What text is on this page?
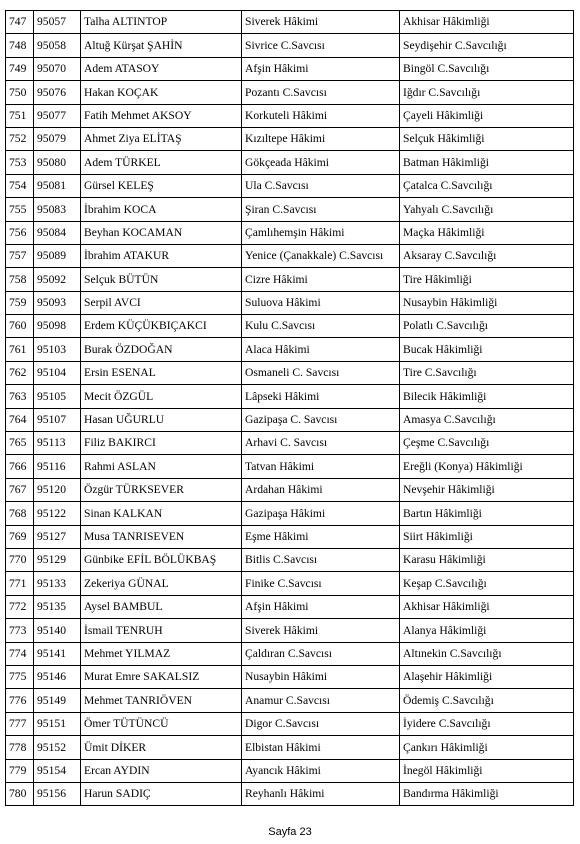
747	95057	Talha ALTINTOP	Siverek Hâkimi	Akhisar Hâkimliği
748	95058	Altuğ Kürşat ŞAHİN	Sivrice C.Savcısı	Seydişehir C.Savcılığı
749	95070	Adem ATASOY	Afşin Hâkimi	Bingöl C.Savcılığı
750	95076	Hakan KOÇAK	Pozantı C.Savcısı	Iğdır C.Savcılığı
751	95077	Fatih Mehmet AKSOY	Korkuteli Hâkimi	Çayeli Hâkimliği
752	95079	Ahmet Ziya ELİTAŞ	Kızıltepe Hâkimi	Selçuk Hâkimliği
753	95080	Adem TÜRKEL	Gökçeada Hâkimi	Batman Hâkimliği
754	95081	Gürsel KELEŞ	Ula C.Savcısı	Çatalca C.Savcılığı
755	95083	İbrahim KOCA	Şiran C.Savcısı	Yahyalı C.Savcılığı
756	95084	Beyhan KOCAMAN	Çamlıhemşin Hâkimi	Maçka Hâkimliği
757	95089	İbrahim ATAKUR	Yenice (Çanakkale) C.Savcısı	Aksaray C.Savcılığı
758	95092	Selçuk BÜTÜN	Cizre Hâkimi	Tire Hâkimliği
759	95093	Serpil AVCI	Suluova Hâkimi	Nusaybin Hâkimliği
760	95098	Erdem KÜÇÜKBIÇAKCI	Kulu C.Savcısı	Polatlı C.Savcılığı
761	95103	Burak ÖZDOĞAN	Alaca Hâkimi	Bucak Hâkimliği
762	95104	Ersin ESENAL	Osmaneli C. Savcısı	Tire C.Savcılığı
763	95105	Mecit ÖZGÜL	Lâpseki Hâkimi	Bilecik Hâkimliği
764	95107	Hasan UĞURLU	Gazipaşa C. Savcısı	Amasya C.Savcılığı
765	95113	Filiz BAKIRCI	Arhavi C. Savcısı	Çeşme C.Savcılığı
766	95116	Rahmi ASLAN	Tatvan Hâkimi	Ereğli (Konya) Hâkimliği
767	95120	Özgür TÜRKSEVER	Ardahan Hâkimi	Nevşehir Hâkimliği
768	95122	Sinan KALKAN	Gazipaşa Hâkimi	Bartın Hâkimliği
769	95127	Musa TANRISEVEN	Eşme Hâkimi	Siirt Hâkimliği
770	95129	Günbike EFİL BÖLÜKBAŞ	Bitlis C.Savcısı	Karasu Hâkimliği
771	95133	Zekeriya GÜNAL	Finike C.Savcısı	Keşap C.Savcılığı
772	95135	Aysel BAMBUL	Afşin Hâkimi	Akhisar Hâkimliği
773	95140	İsmail TENRUH	Siverek Hâkimi	Alanya Hâkimliği
774	95141	Mehmet YILMAZ	Çaldıran C.Savcısı	Altınekin C.Savcılığı
775	95146	Murat Emre SAKALSIZ	Nusaybin Hâkimi	Alaşehir Hâkimliği
776	95149	Mehmet TANRIÖVEN	Anamur C.Savcısı	Ödemiş C.Savcılığı
777	95151	Ömer TÜTÜNCÜ	Digor C.Savcısı	İyidere C.Savcılığı
778	95152	Ümit DİKER	Elbistan Hâkimi	Çankırı Hâkimliği
779	95154	Ercan AYDIN	Ayancık Hâkimi	İnegöl Hâkimliği
780	95156	Harun SADIÇ	Reyhanlı Hâkimi	Bandırma Hâkimliği
Sayfa 23
